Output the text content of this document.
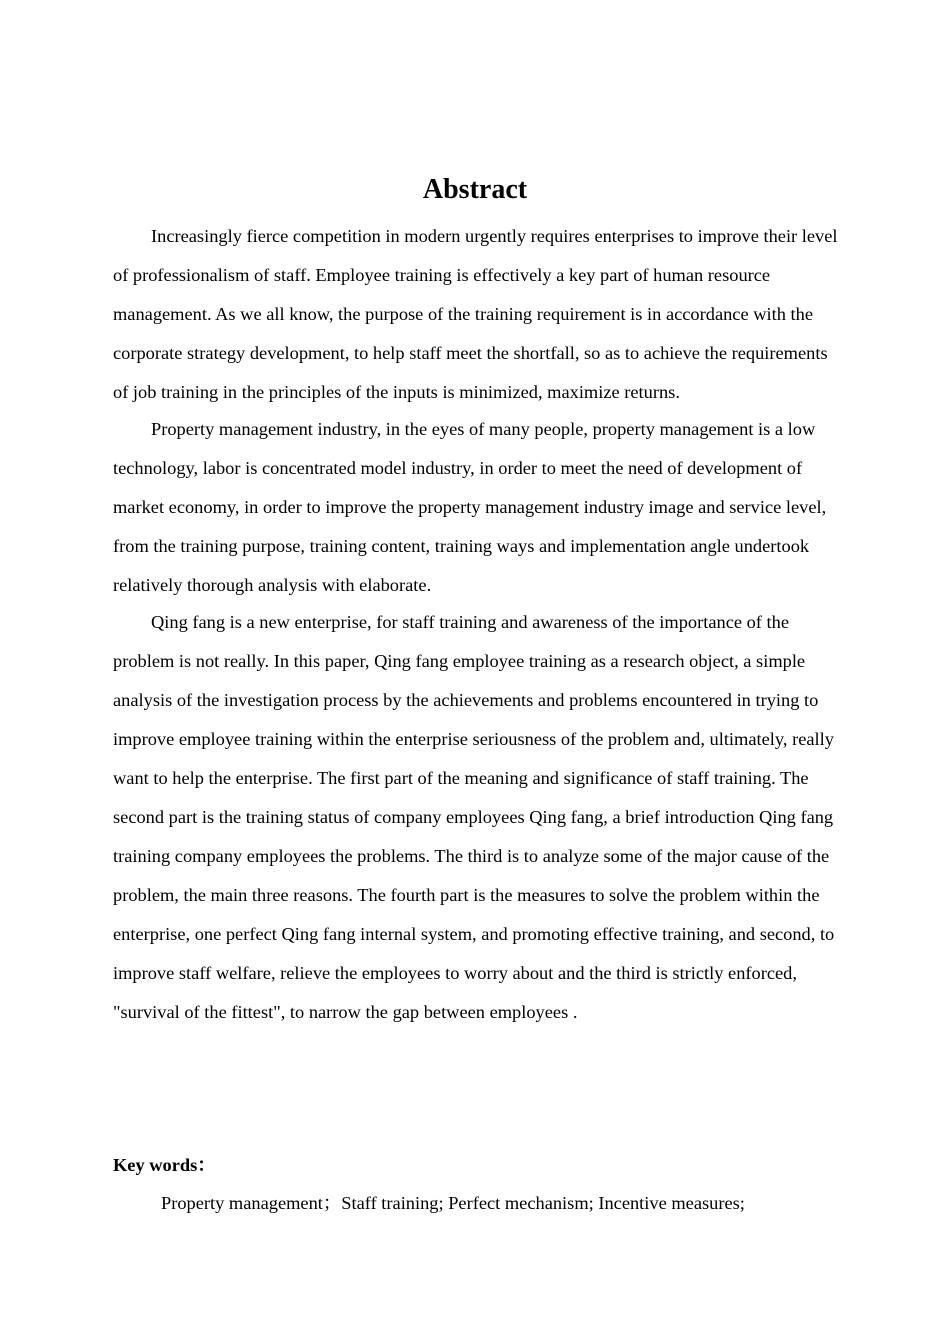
Abstract

Increasingly fierce competition in modern urgently requires enterprises to improve their level of professionalism of staff. Employee training is effectively a key part of human resource management. As we all know, the purpose of the training requirement is in accordance with the corporate strategy development, to help staff meet the shortfall, so as to achieve the requirements of job training in the principles of the inputs is minimized, maximize returns.

Property management industry, in the eyes of many people, property management is a low technology, labor is concentrated model industry, in order to meet the need of development of market economy, in order to improve the property management industry image and service level, from the training purpose, training content, training ways and implementation angle undertook relatively thorough analysis with elaborate.

Qing fang is a new enterprise, for staff training and awareness of the importance of the problem is not really. In this paper, Qing fang employee training as a research object, a simple analysis of the investigation process by the achievements and problems encountered in trying to improve employee training within the enterprise seriousness of the problem and, ultimately, really want to help the enterprise. The first part of the meaning and significance of staff training. The second part is the training status of company employees Qing fang, a brief introduction Qing fang training company employees the problems. The third is to analyze some of the major cause of the problem, the main three reasons. The fourth part is the measures to solve the problem within the enterprise, one perfect Qing fang internal system, and promoting effective training, and second, to improve staff welfare, relieve the employees to worry about and the third is strictly enforced, "survival of the fittest", to narrow the gap between employees .

Key words：

Property management；Staff training; Perfect mechanism; Incentive measures;
